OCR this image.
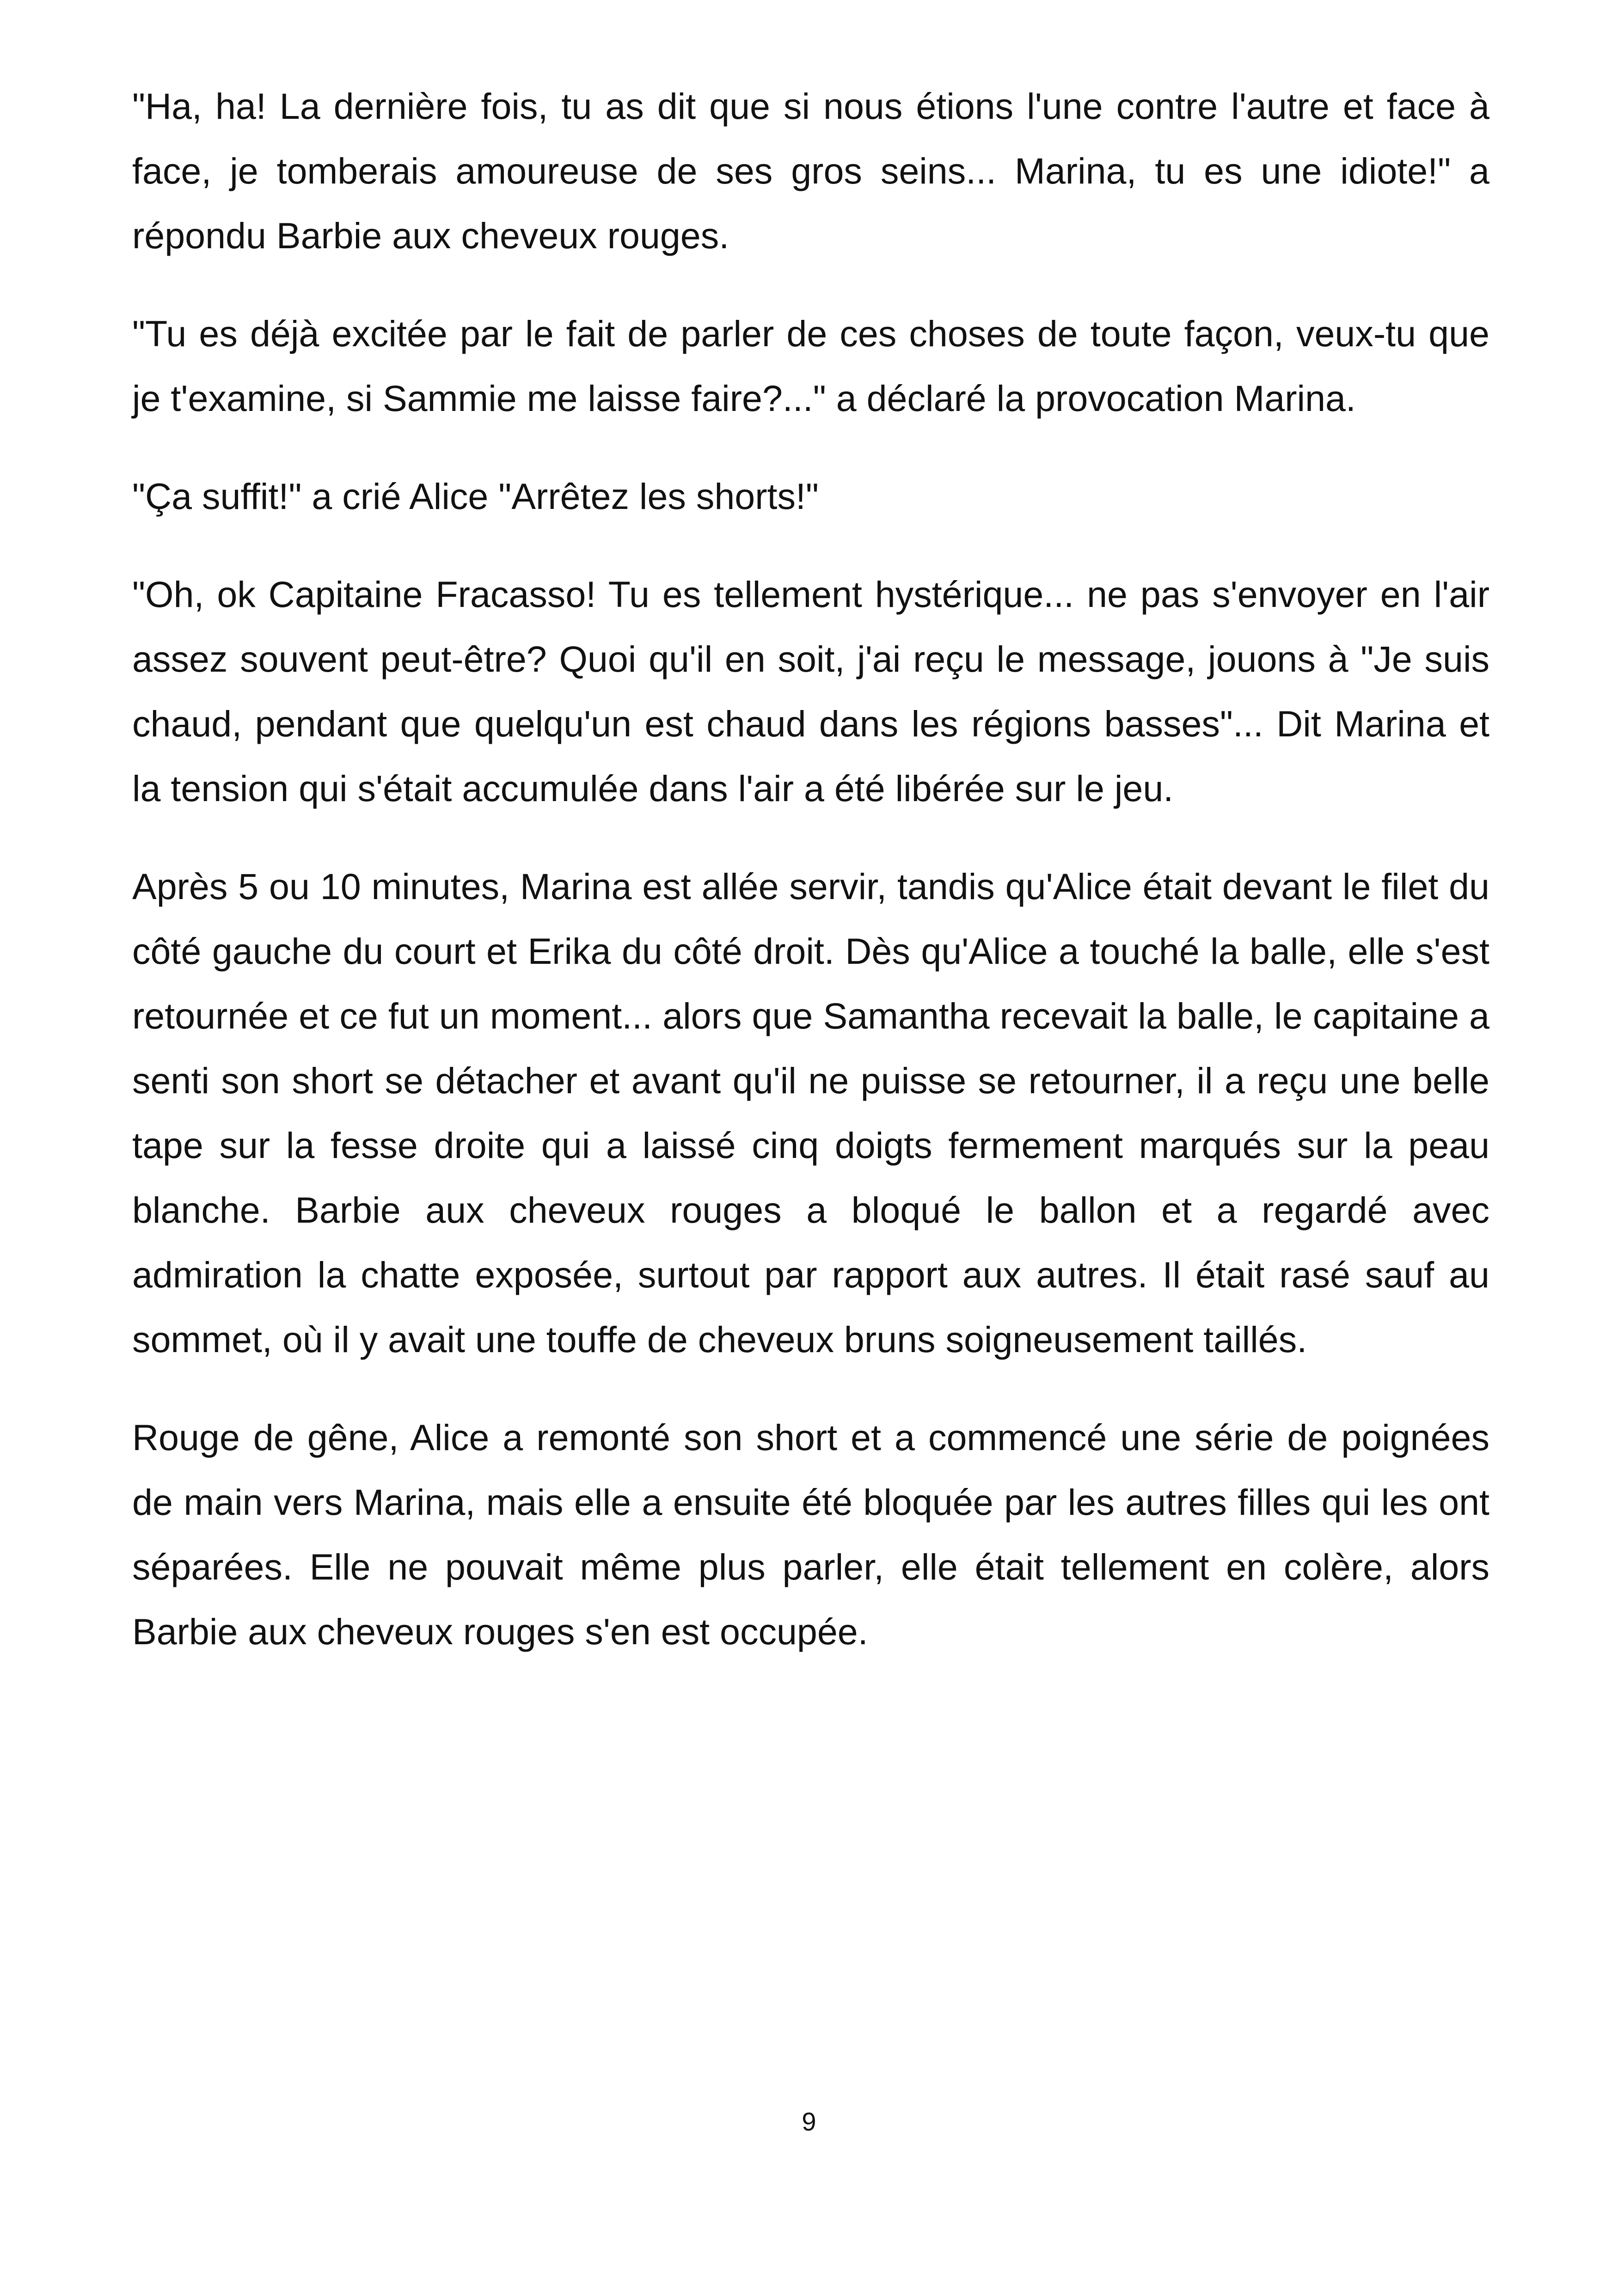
"Ha, ha! La dernière fois, tu as dit que si nous étions l'une contre l'autre et face à face, je tomberais amoureuse de ses gros seins... Marina, tu es une idiote!" a répondu Barbie aux cheveux rouges.

"Tu es déjà excitée par le fait de parler de ces choses de toute façon, veux-tu que je t'examine, si Sammie me laisse faire?..." a déclaré la provocation Marina.

"Ça suffit!" a crié Alice "Arrêtez les shorts!"

"Oh, ok Capitaine Fracasso! Tu es tellement hystérique... ne pas s'envoyer en l'air assez souvent peut-être? Quoi qu'il en soit, j'ai reçu le message, jouons à "Je suis chaud, pendant que quelqu'un est chaud dans les régions basses"... Dit Marina et la tension qui s'était accumulée dans l'air a été libérée sur le jeu.

Après 5 ou 10 minutes, Marina est allée servir, tandis qu'Alice était devant le filet du côté gauche du court et Erika du côté droit. Dès qu'Alice a touché la balle, elle s'est retournée et ce fut un moment... alors que Samantha recevait la balle, le capitaine a senti son short se détacher et avant qu'il ne puisse se retourner, il a reçu une belle tape sur la fesse droite qui a laissé cinq doigts fermement marqués sur la peau blanche. Barbie aux cheveux rouges a bloqué le ballon et a regardé avec admiration la chatte exposée, surtout par rapport aux autres. Il était rasé sauf au sommet, où il y avait une touffe de cheveux bruns soigneusement taillés.

Rouge de gêne, Alice a remonté son short et a commencé une série de poignées de main vers Marina, mais elle a ensuite été bloquée par les autres filles qui les ont séparées. Elle ne pouvait même plus parler, elle était tellement en colère, alors Barbie aux cheveux rouges s'en est occupée.

9
